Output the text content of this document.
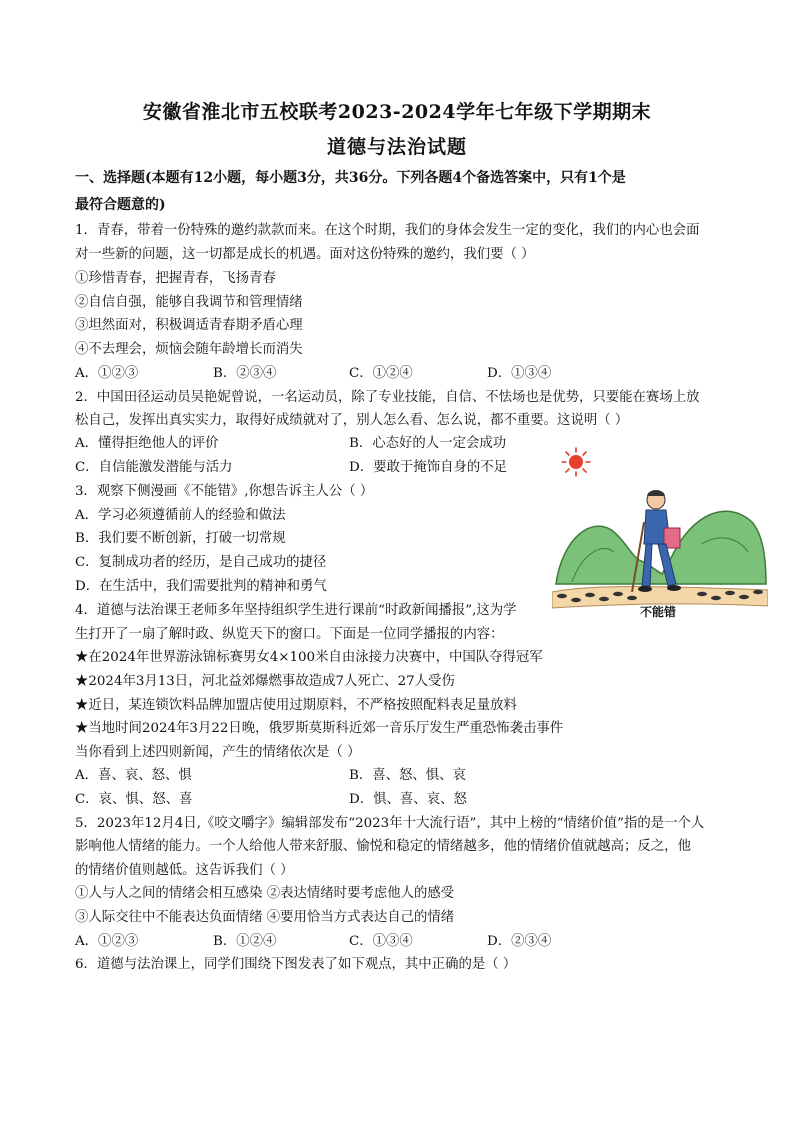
安徽省淮北市五校联考2023-2024学年七年级下学期期末
道德与法治试题
一、选择题(本题有12小题，每小题3分，共36分。下列各题4个备选答案中，只有1个是
最符合题意的)
1．青春，带着一份特殊的邀约款款而来。在这个时期，我们的身体会发生一定的变化，我们的内心也会面
对一些新的问题，这一切都是成长的机遇。面对这份特殊的邀约，我们要（ ）
①珍惜青春，把握青春，飞扬青春
②自信自强，能够自我调节和管理情绪
③坦然面对，积极调适青春期矛盾心理
④不去理会，烦恼会随年龄增长而消失
A．①②③	B．②③④	C．①②④	D．①③④
2．中国田径运动员吴艳妮曾说，一名运动员，除了专业技能，自信、不怯场也是优势，只要能在赛场上放
松自己，发挥出真实实力，取得好成绩就对了，别人怎么看、怎么说，都不重要。这说明（ ）
A．懂得拒绝他人的评价	B．心态好的人一定会成功
C．自信能激发潜能与活力	D．要敢于掩饰自身的不足
3．观察下侧漫画《不能错》,你想告诉主人公（ ）
A．学习必须遵循前人的经验和做法
B．我们要不断创新，打破一切常规
C．复制成功者的经历，是自己成功的捷径
D．在生活中，我们需要批判的精神和勇气
不能错
4．道德与法治课王老师多年坚持组织学生进行课前“时政新闻播报”,这为学
生打开了一扇了解时政、纵览天下的窗口。下面是一位同学播报的内容：
★在2024年世界游泳锦标赛男女4×100米自由泳接力决赛中，中国队夺得冠军
★2024年3月13日，河北益郊爆燃事故造成7人死亡、27人受伤
★近日，某连锁饮料品牌加盟店使用过期原料，不严格按照配料表足量放料
★当地时间2024年3月22日晚，俄罗斯莫斯科近郊一音乐厅发生严重恐怖袭击事件
当你看到上述四则新闻，产生的情绪依次是（ ）
A．喜、哀、怒、惧	B．喜、怒、惧、哀
C．哀、惧、怒、喜	D．惧、喜、哀、怒
5．2023年12月4日,《咬文嚼字》编辑部发布“2023年十大流行语”，其中上榜的“情绪价值”指的是一个人
影响他人情绪的能力。一个人给他人带来舒服、愉悦和稳定的情绪越多，他的情绪价值就越高；反之，他
的情绪价值则越低。这告诉我们（ ）
①人与人之间的情绪会相互感染 ②表达情绪时要考虑他人的感受
③人际交往中不能表达负面情绪 ④要用恰当方式表达自己的情绪
A．①②③	B．①②④	C．①③④	D．②③④
6．道德与法治课上，同学们围绕下图发表了如下观点，其中正确的是（ ）
